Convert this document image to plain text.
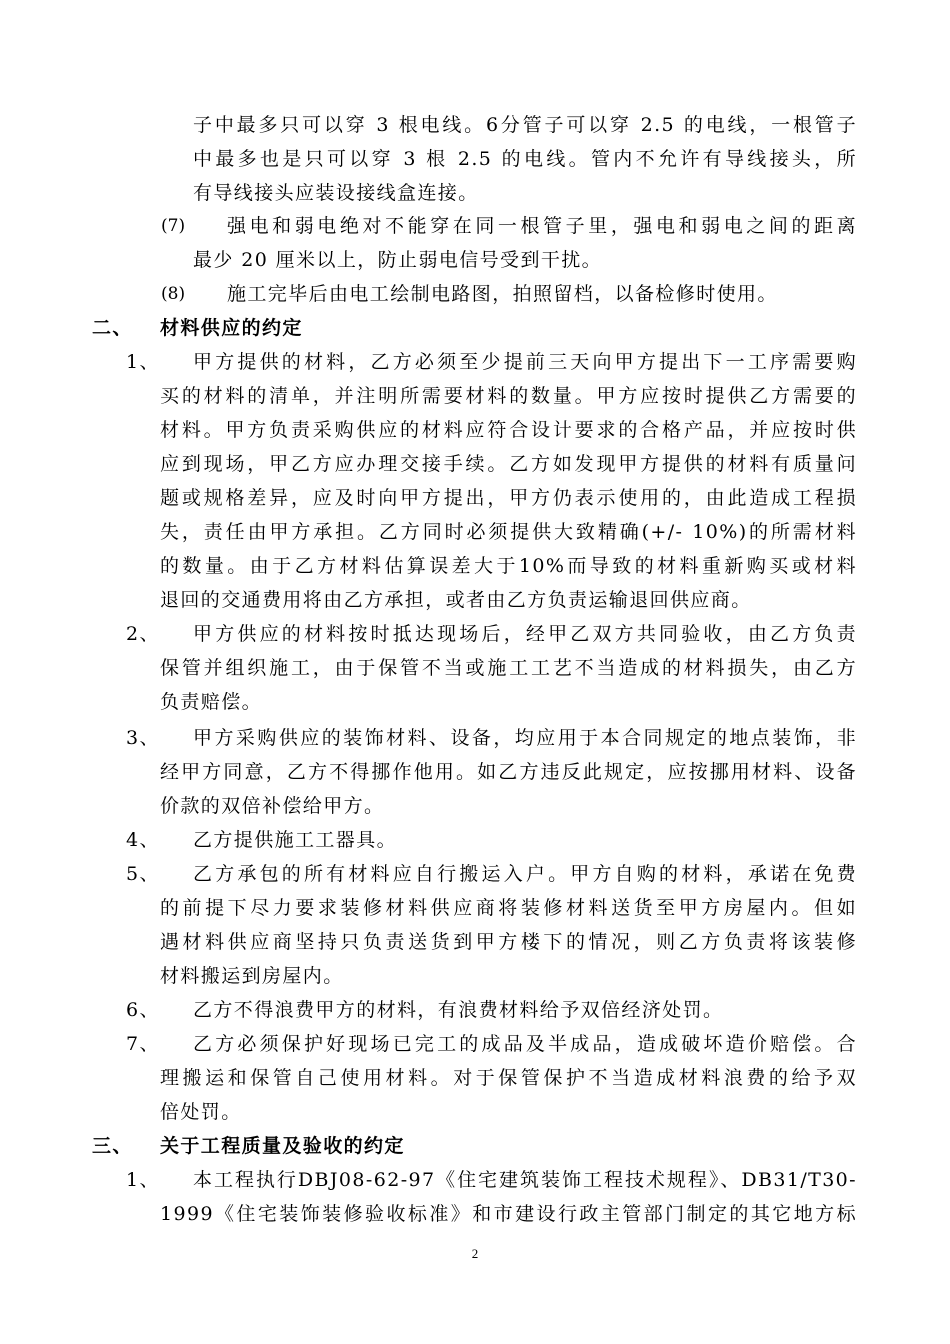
子中最多只可以穿 3 根电线。6分管子可以穿 2.5 的电线，一根管子
中最多也是只可以穿 3 根 2.5 的电线。管内不允许有导线接头，所
有导线接头应装设接线盒连接。
(7) 强电和弱电绝对不能穿在同一根管子里，强电和弱电之间的距离
最少 20 厘米以上，防止弱电信号受到干扰。
(8) 施工完毕后由电工绘制电路图，拍照留档，以备检修时使用。
二、 材料供应的约定
1、 甲方提供的材料，乙方必须至少提前三天向甲方提出下一工序需要购
买的材料的清单，并注明所需要材料的数量。甲方应按时提供乙方需要的
材料。甲方负责采购供应的材料应符合设计要求的合格产品，并应按时供
应到现场，甲乙方应办理交接手续。乙方如发现甲方提供的材料有质量问
题或规格差异，应及时向甲方提出，甲方仍表示使用的，由此造成工程损
失，责任由甲方承担。乙方同时必须提供大致精确(+/- 10%)的所需材料
的数量。由于乙方材料估算误差大于10%而导致的材料重新购买或材料
退回的交通费用将由乙方承担，或者由乙方负责运输退回供应商。
2、 甲方供应的材料按时抵达现场后，经甲乙双方共同验收，由乙方负责
保管并组织施工，由于保管不当或施工工艺不当造成的材料损失，由乙方
负责赔偿。
3、 甲方采购供应的装饰材料、设备，均应用于本合同规定的地点装饰，非
经甲方同意，乙方不得挪作他用。如乙方违反此规定，应按挪用材料、设备
价款的双倍补偿给甲方。
4、 乙方提供施工工器具。
5、 乙方承包的所有材料应自行搬运入户。甲方自购的材料，承诺在免费
的前提下尽力要求装修材料供应商将装修材料送货至甲方房屋内。但如
遇材料供应商坚持只负责送货到甲方楼下的情况，则乙方负责将该装修
材料搬运到房屋内。
6、 乙方不得浪费甲方的材料，有浪费材料给予双倍经济处罚。
7、 乙方必须保护好现场已完工的成品及半成品，造成破坏造价赔偿。合
理搬运和保管自己使用材料。对于保管保护不当造成材料浪费的给予双
倍处罚。
三、 关于工程质量及验收的约定
1、 本工程执行DBJ08-62-97《住宅建筑装饰工程技术规程》、DB31/T30-
1999《住宅装饰装修验收标准》和市建设行政主管部门制定的其它地方标
2
